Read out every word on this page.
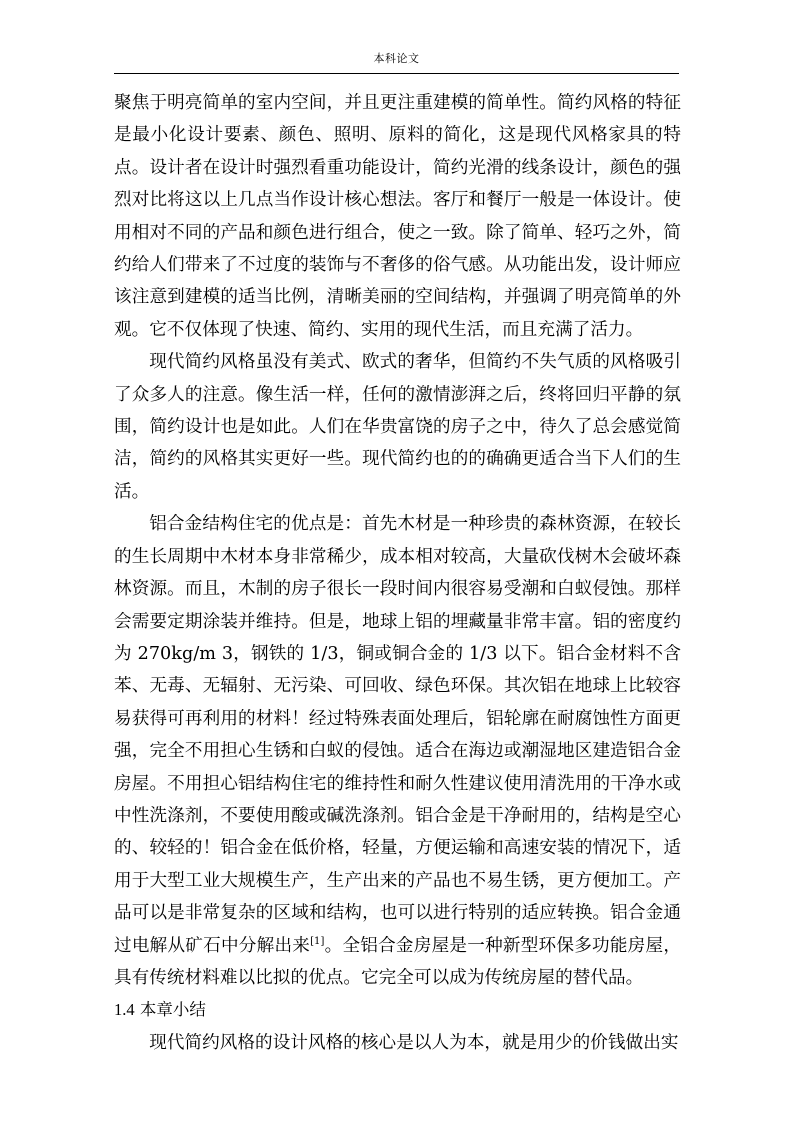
本科论文

聚焦于明亮简单的室内空间，并且更注重建模的简单性。简约风格的特征是最小化设计要素、颜色、照明、原料的简化，这是现代风格家具的特点。设计者在设计时强烈看重功能设计，简约光滑的线条设计，颜色的强烈对比将这以上几点当作设计核心想法。客厅和餐厅一般是一体设计。使用相对不同的产品和颜色进行组合，使之一致。除了简单、轻巧之外，简约给人们带来了不过度的装饰与不奢侈的俗气感。从功能出发，设计师应该注意到建模的适当比例，清晰美丽的空间结构，并强调了明亮简单的外观。它不仅体现了快速、简约、实用的现代生活，而且充满了活力。

现代简约风格虽没有美式、欧式的奢华，但简约不失气质的风格吸引了众多人的注意。像生活一样，任何的激情澎湃之后，终将回归平静的氛围，简约设计也是如此。人们在华贵富饶的房子之中，待久了总会感觉简洁，简约的风格其实更好一些。现代简约也的的确确更适合当下人们的生活。

铝合金结构住宅的优点是：首先木材是一种珍贵的森林资源，在较长的生长周期中木材本身非常稀少，成本相对较高，大量砍伐树木会破坏森林资源。而且，木制的房子很长一段时间内很容易受潮和白蚁侵蚀。那样会需要定期涂装并维持。但是，地球上铝的埋藏量非常丰富。铝的密度约为 270kg/m 3，钢铁的 1/3，铜或铜合金的 1/3 以下。铝合金材料不含苯、无毒、无辐射、无污染、可回收、绿色环保。其次铝在地球上比较容易获得可再利用的材料！经过特殊表面处理后，铝轮廓在耐腐蚀性方面更强，完全不用担心生锈和白蚁的侵蚀。适合在海边或潮湿地区建造铝合金房屋。不用担心铝结构住宅的维持性和耐久性建议使用清洗用的干净水或中性洗涤剂，不要使用酸或碱洗涤剂。铝合金是干净耐用的，结构是空心的、较轻的！铝合金在低价格，轻量，方便运输和高速安装的情况下，适用于大型工业大规模生产，生产出来的产品也不易生锈，更方便加工。产品可以是非常复杂的区域和结构，也可以进行特别的适应转换。铝合金通过电解从矿石中分解出来[1]。全铝合金房屋是一种新型环保多功能房屋，具有传统材料难以比拟的优点。它完全可以成为传统房屋的替代品。

1.4 本章小结

现代简约风格的设计风格的核心是以人为本，就是用少的价钱做出实
